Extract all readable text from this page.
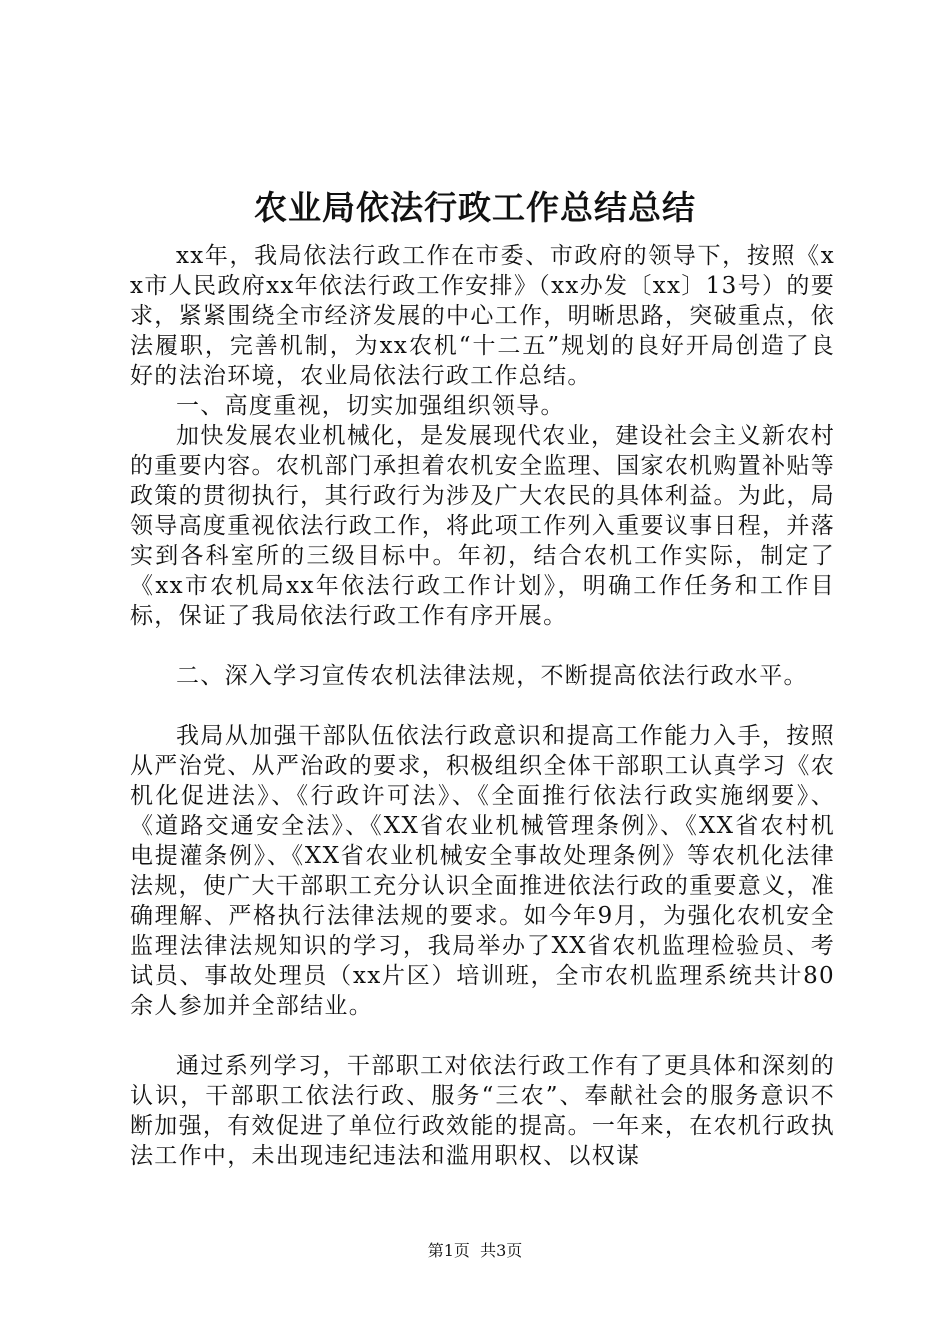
农业局依法行政工作总结总结

xx年，我局依法行政工作在市委、市政府的领导下，按照《xx市人民政府xx年依法行政工作安排》（xx办发〔xx〕13号）的要求，紧紧围绕全市经济发展的中心工作，明晰思路，突破重点，依法履职，完善机制，为xx农机“十二五”规划的良好开局创造了良好的法治环境，农业局依法行政工作总结。

一、高度重视，切实加强组织领导。

加快发展农业机械化，是发展现代农业，建设社会主义新农村的重要内容。农机部门承担着农机安全监理、国家农机购置补贴等政策的贯彻执行，其行政行为涉及广大农民的具体利益。为此，局领导高度重视依法行政工作，将此项工作列入重要议事日程，并落实到各科室所的三级目标中。年初，结合农机工作实际，制定了《xx市农机局xx年依法行政工作计划》，明确工作任务和工作目标，保证了我局依法行政工作有序开展。

二、深入学习宣传农机法律法规，不断提高依法行政水平。

我局从加强干部队伍依法行政意识和提高工作能力入手，按照从严治党、从严治政的要求，积极组织全体干部职工认真学习《农机化促进法》、《行政许可法》、《全面推行依法行政实施纲要》、《道路交通安全法》、《XX省农业机械管理条例》、《XX省农村机电提灌条例》、《XX省农业机械安全事故处理条例》等农机化法律法规，使广大干部职工充分认识全面推进依法行政的重要意义，准确理解、严格执行法律法规的要求。如今年9月，为强化农机安全监理法律法规知识的学习，我局举办了XX省农机监理检验员、考试员、事故处理员（xx片区）培训班，全市农机监理系统共计80余人参加并全部结业。

通过系列学习，干部职工对依法行政工作有了更具体和深刻的认识，干部职工依法行政、服务“三农”、奉献社会的服务意识不断加强，有效促进了单位行政效能的提高。一年来，在农机行政执法工作中，未出现违纪违法和滥用职权、以权谋

第1页 共3页
